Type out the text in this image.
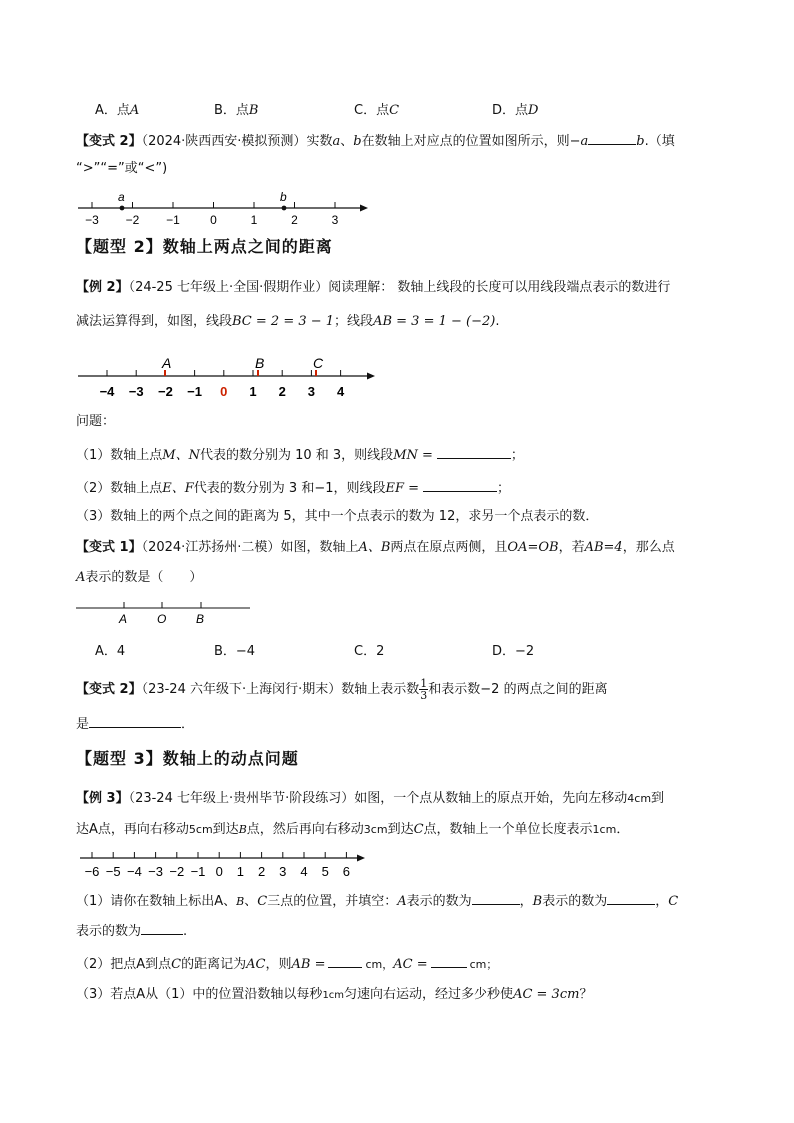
A．点A	B．点B	C．点C	D．点D
【变式 2】（2024·陕西西安·模拟预测）实数a、b在数轴上对应点的位置如图所示，则−a	b.（填
“>”“=”或“<”)
−3 −2 −1	0	1	2	3
a	b
【题型 2】数轴上两点之间的距离
【例 2】（24-25 七年级上·全国·假期作业）阅读理解： 数轴上线段的长度可以用线段端点表示的数进行
减法运算得到，如图，线段BC = 2 = 3 − 1；线段AB = 3 = 1 − (−2).
−4 −3 −2 −1 0 1 2 3 4
A	B	C
问题：
（1）数轴上点M、N代表的数分别为 10 和 3，则线段MN =	；
（2）数轴上点E、F代表的数分别为 3 和−1，则线段EF =	；
（3）数轴上的两个点之间的距离为 5，其中一个点表示的数为 12，求另一个点表示的数．
【变式 1】（2024·江苏扬州·二模）如图，数轴上A、B两点在原点两侧，且OA=OB，若AB=4，那么点
A表示的数是（　　）
A O B
A．4	B．−4	C．2	D．−2
【变式 2】（23-24 六年级下·上海闵行·期末）数轴上表示数 $\frac{1}{3}$ 和表示数−2 的两点之间的距离
是	．
【题型 3】数轴上的动点问题
【例 3】（23-24 七年级上·贵州毕节·阶段练习）如图，一个点从数轴上的原点开始，先向左移动4cm到
达A点，再向右移动5cm到达B点，然后再向右移动3cm到达C点，数轴上一个单位长度表示1cm．
−6 −5 −4 −3 −2 −1 0 1 2 3 4 5 6
（1）请你在数轴上标出A、B、C三点的位置，并填空：A表示的数为	，B表示的数为	，C
表示的数为	.
（2）把点A到点C的距离记为AC，则AB =	cm，AC =	cm；
（3）若点A从（1）中的位置沿数轴以每秒1cm匀速向右运动，经过多少秒使AC = 3cm？
